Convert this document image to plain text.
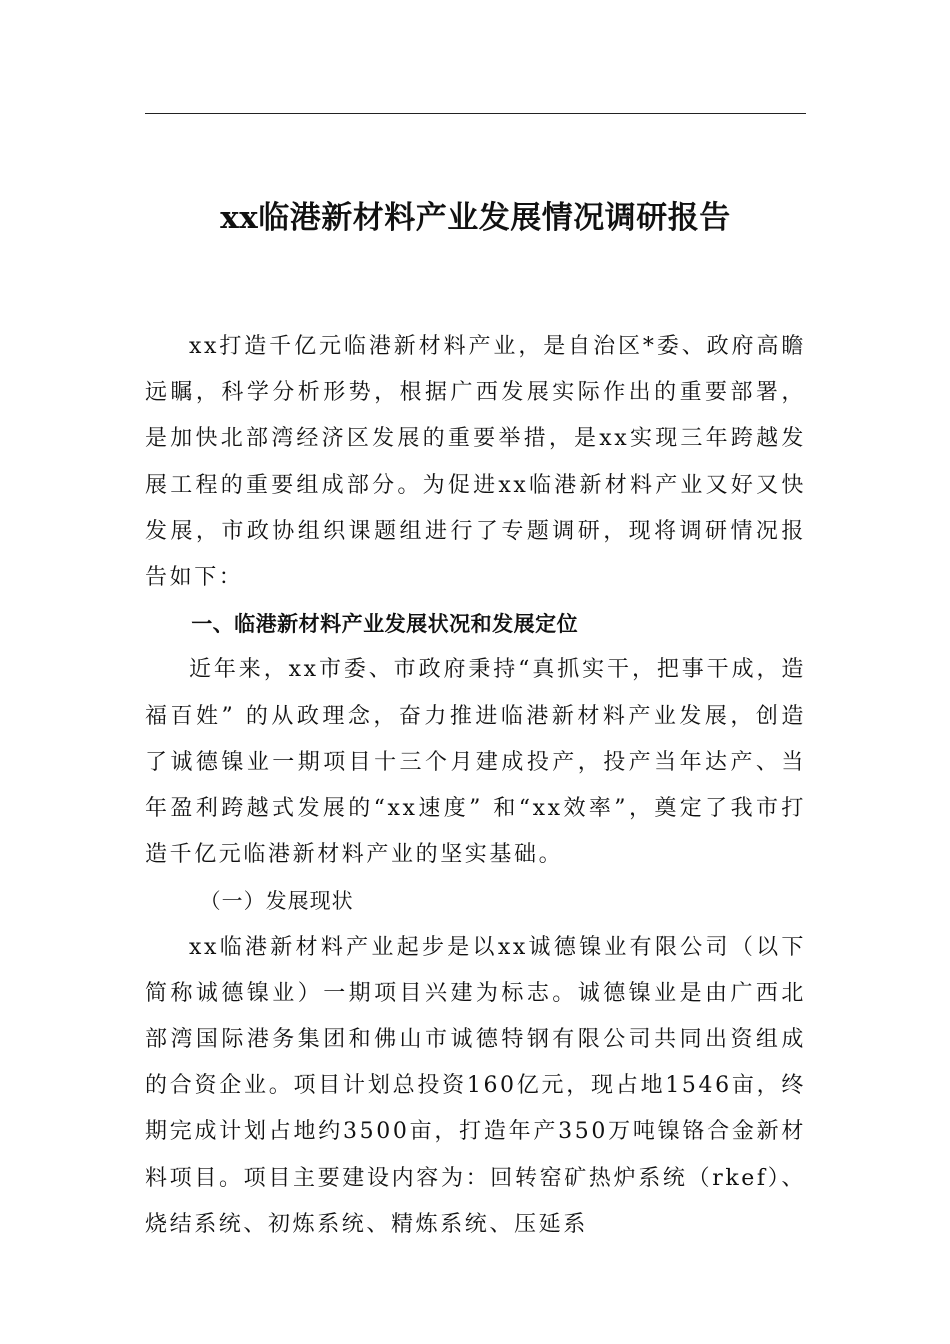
xx临港新材料产业发展情况调研报告

xx打造千亿元临港新材料产业，是自治区*委、政府高瞻远瞩，科学分析形势，根据广西发展实际作出的重要部署，是加快北部湾经济区发展的重要举措，是xx实现三年跨越发展工程的重要组成部分。为促进xx临港新材料产业又好又快发展，市政协组织课题组进行了专题调研，现将调研情况报告如下：

一、临港新材料产业发展状况和发展定位

近年来，xx市委、市政府秉持“真抓实干，把事干成，造福百姓” 的从政理念，奋力推进临港新材料产业发展，创造了诚德镍业一期项目十三个月建成投产，投产当年达产、当年盈利跨越式发展的“xx速度” 和“xx效率”，奠定了我市打造千亿元临港新材料产业的坚实基础。

（一）发展现状

xx临港新材料产业起步是以xx诚德镍业有限公司（以下简称诚德镍业）一期项目兴建为标志。诚德镍业是由广西北部湾国际港务集团和佛山市诚德特钢有限公司共同出资组成的合资企业。项目计划总投资160亿元，现占地1546亩，终期完成计划占地约3500亩，打造年产350万吨镍铬合金新材料项目。项目主要建设内容为：回转窑矿热炉系统（rkef）、烧结系统、初炼系统、精炼系统、压延系
